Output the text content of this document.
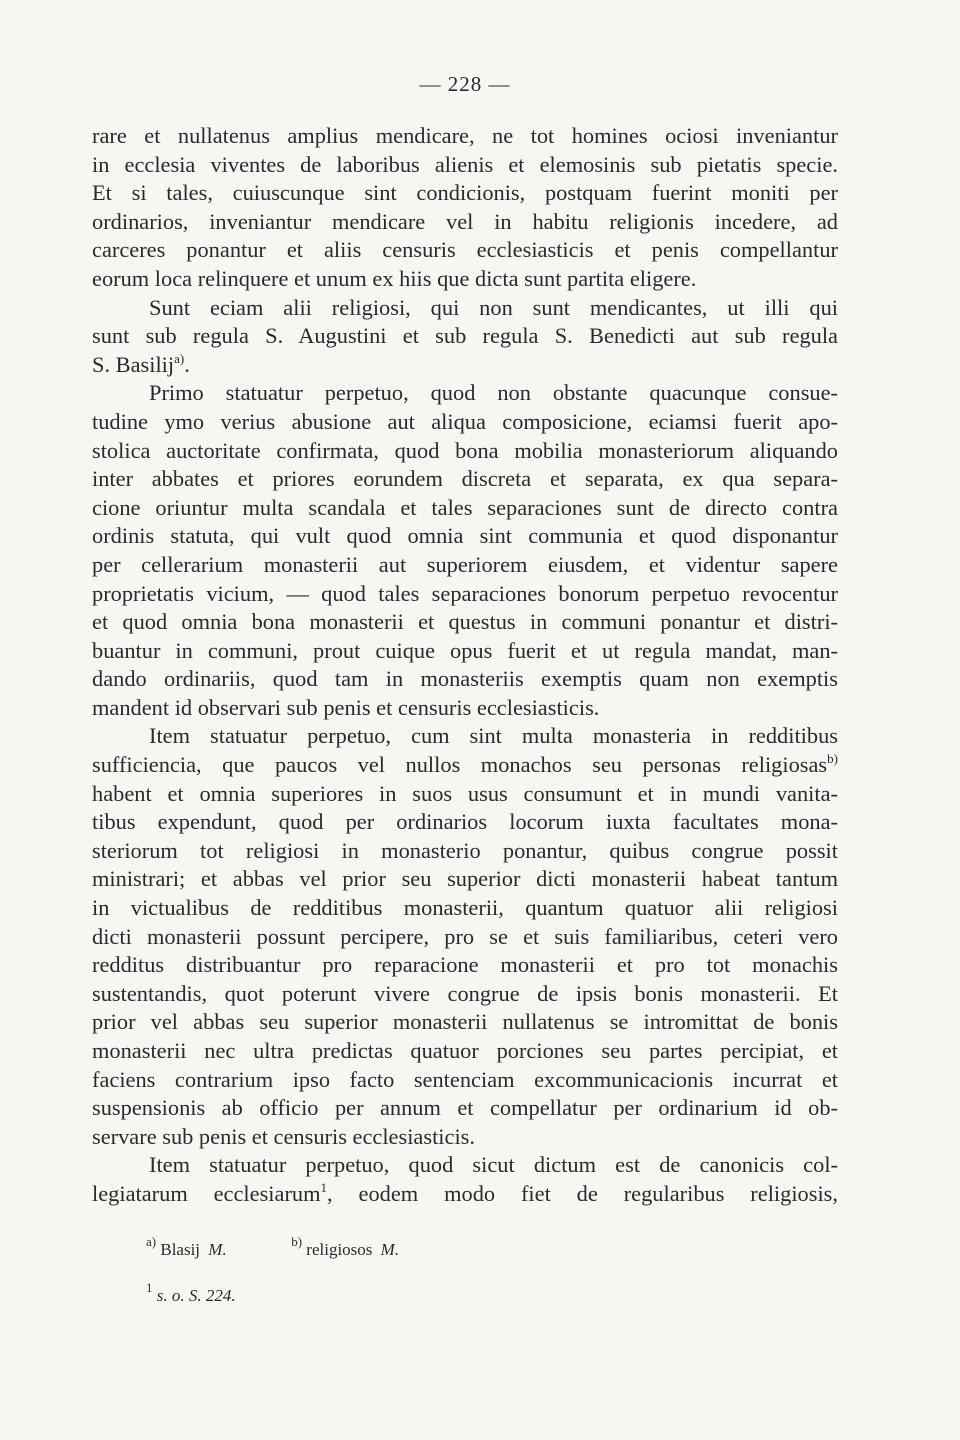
— 228 —
rare et nullatenus amplius mendicare, ne tot homines ociosi inveniantur
in ecclesia viventes de laboribus alienis et elemosinis sub pietatis specie.
Et si tales, cuiuscunque sint condicionis, postquam fuerint moniti per
ordinarios, inveniantur mendicare vel in habitu religionis incedere, ad
carceres ponantur et aliis censuris ecclesiasticis et penis compellantur
eorum loca relinquere et unum ex hiis que dicta sunt partita eligere.
Sunt eciam alii religiosi, qui non sunt mendicantes, ut illi qui
sunt sub regula S. Augustini et sub regula S. Benedicti aut sub regula
S. Basilij$^{a)}$.
Primo statuatur perpetuo, quod non obstante quacunque consue-
tudine ymo verius abusione aut aliqua composicione, eciamsi fuerit apo-
stolica auctoritate confirmata, quod bona mobilia monasteriorum aliquando
inter abbates et priores eorundem discreta et separata, ex qua separa-
cione oriuntur multa scandala et tales separaciones sunt de directo contra
ordinis statuta, qui vult quod omnia sint communia et quod disponantur
per cellerarium monasterii aut superiorem eiusdem, et videntur sapere
proprietatis vicium, — quod tales separaciones bonorum perpetuo revocentur
et quod omnia bona monasterii et questus in communi ponantur et distri-
buantur in communi, prout cuique opus fuerit et ut regula mandat, man-
dando ordinariis, quod tam in monasteriis exemptis quam non exemptis
mandent id observari sub penis et censuris ecclesiasticis.
Item statuatur perpetuo, cum sint multa monasteria in redditibus
sufficiencia, que paucos vel nullos monachos seu personas religiosas$^{b)}$
habent et omnia superiores in suos usus consumunt et in mundi vanita-
tibus expendunt, quod per ordinarios locorum iuxta facultates mona-
steriorum tot religiosi in monasterio ponantur, quibus congrue possit
ministrari; et abbas vel prior seu superior dicti monasterii habeat tantum
in victualibus de redditibus monasterii, quantum quatuor alii religiosi
dicti monasterii possunt percipere, pro se et suis familiaribus, ceteri vero
redditus distribuantur pro reparacione monasterii et pro tot monachis
sustentandis, quot poterunt vivere congrue de ipsis bonis monasterii. Et
prior vel abbas seu superior monasterii nullatenus se intromittat de bonis
monasterii nec ultra predictas quatuor porciones seu partes percipiat, et
faciens contrarium ipso facto sentenciam excommunicacionis incurrat et
suspensionis ab officio per annum et compellatur per ordinarium id ob-
servare sub penis et censuris ecclesiasticis.
Item statuatur perpetuo, quod sicut dictum est de canonicis col-
legiatarum ecclesiarum$^1$, eodem modo fiet de regularibus religiosis,
$^{a)}$ Blasij M.	$^{b)}$ religiosos M.
$^1$ s. o. S. 224.
